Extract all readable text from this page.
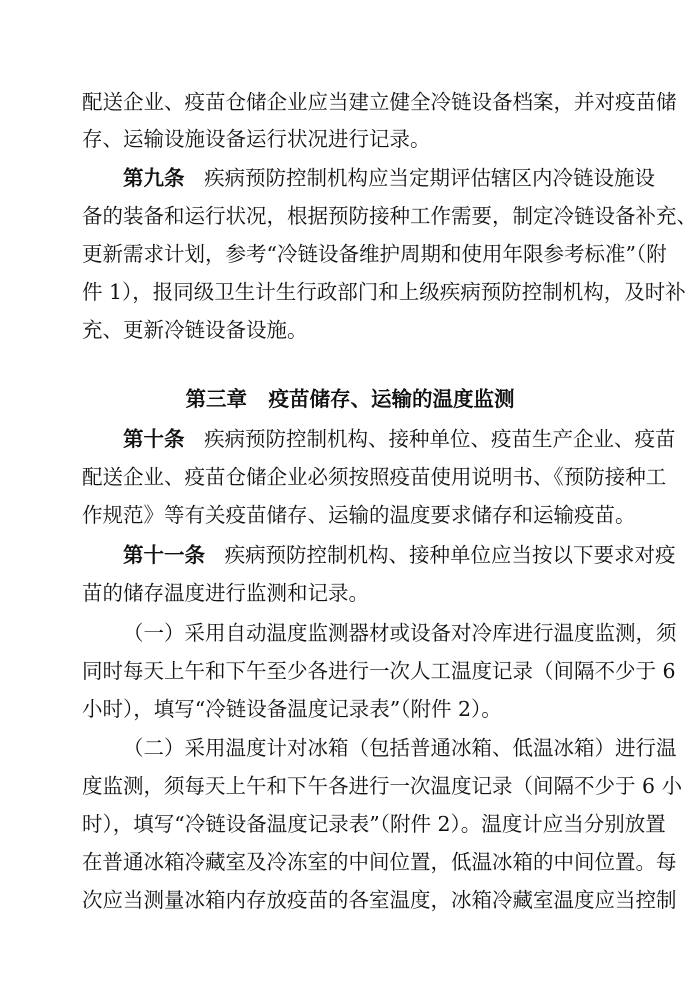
配送企业、疫苗仓储企业应当建立健全冷链设备档案，并对疫苗储
存、运输设施设备运行状况进行记录。
第九条 疾病预防控制机构应当定期评估辖区内冷链设施设
备的装备和运行状况，根据预防接种工作需要，制定冷链设备补充、
更新需求计划，参考“冷链设备维护周期和使用年限参考标准”（附
件 1），报同级卫生计生行政部门和上级疾病预防控制机构，及时补
充、更新冷链设备设施。
第三章   疫苗储存、运输的温度监测
第十条 疾病预防控制机构、接种单位、疫苗生产企业、疫苗
配送企业、疫苗仓储企业必须按照疫苗使用说明书、《预防接种工
作规范》等有关疫苗储存、运输的温度要求储存和运输疫苗。
第十一条 疾病预防控制机构、接种单位应当按以下要求对疫
苗的储存温度进行监测和记录。
（一）采用自动温度监测器材或设备对冷库进行温度监测，须
同时每天上午和下午至少各进行一次人工温度记录（间隔不少于 6
小时），填写“冷链设备温度记录表”（附件 2）。
（二）采用温度计对冰箱（包括普通冰箱、低温冰箱）进行温
度监测，须每天上午和下午各进行一次温度记录（间隔不少于 6 小
时），填写“冷链设备温度记录表”（附件 2）。温度计应当分别放置
在普通冰箱冷藏室及冷冻室的中间位置，低温冰箱的中间位置。每
次应当测量冰箱内存放疫苗的各室温度，冰箱冷藏室温度应当控制
